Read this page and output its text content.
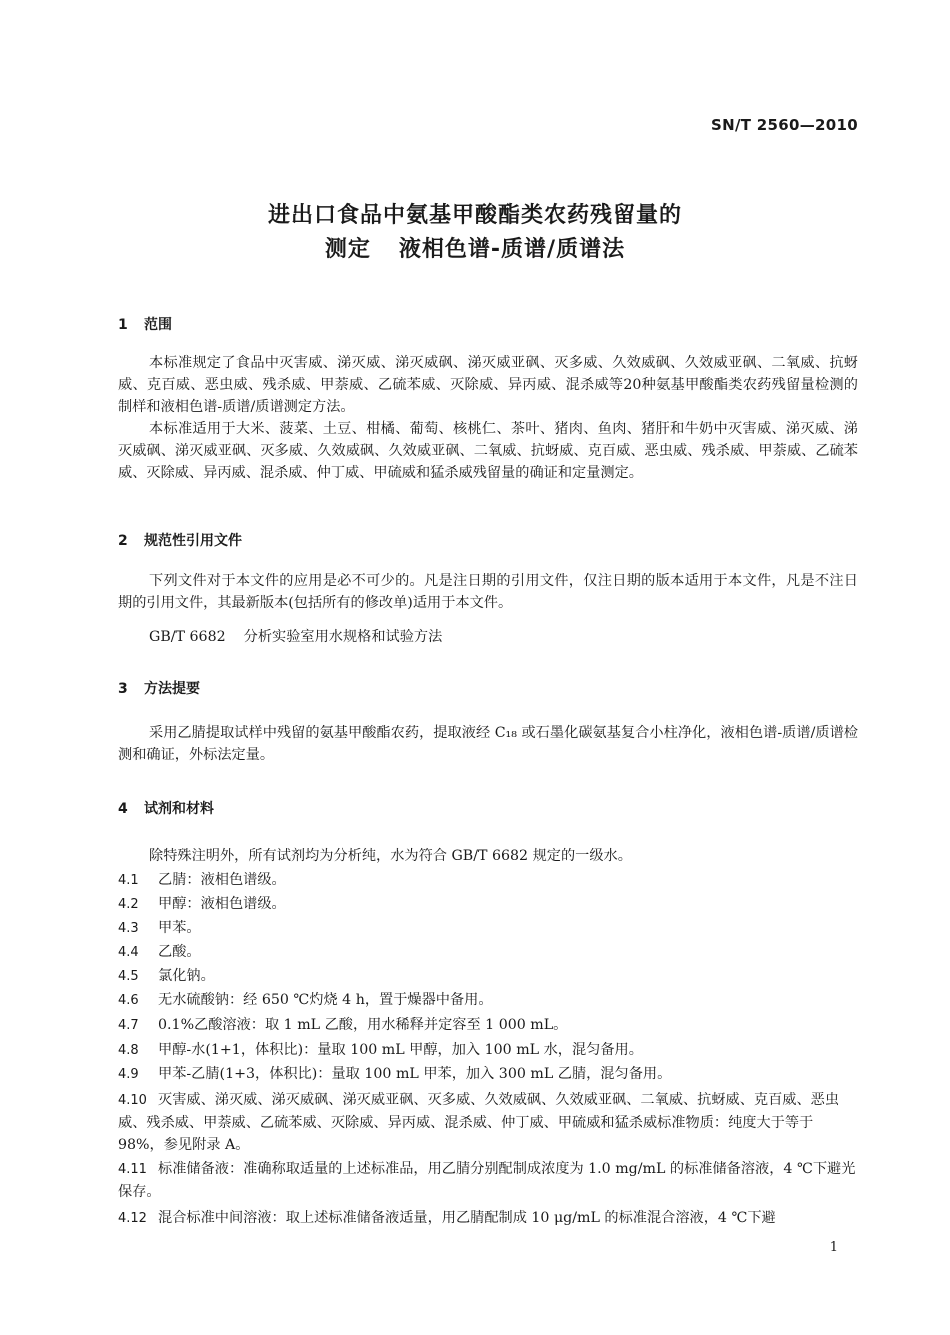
SN/T 2560—2010
进出口食品中氨基甲酸酯类农药残留量的
测定 液相色谱-质谱/质谱法
1 范围
本标准规定了食品中灭害威、涕灭威、涕灭威砜、涕灭威亚砜、灭多威、久效威砜、久效威亚砜、二氧威、抗蚜威、克百威、恶虫威、残杀威、甲萘威、乙硫苯威、灭除威、异丙威、混杀威等20种氨基甲酸酯类农药残留量检测的制样和液相色谱-质谱/质谱测定方法。
本标准适用于大米、菠菜、土豆、柑橘、葡萄、核桃仁、茶叶、猪肉、鱼肉、猪肝和牛奶中灭害威、涕灭威、涕灭威砜、涕灭威亚砜、灭多威、久效威砜、久效威亚砜、二氧威、抗蚜威、克百威、恶虫威、残杀威、甲萘威、乙硫苯威、灭除威、异丙威、混杀威、仲丁威、甲硫威和猛杀威残留量的确证和定量测定。
2 规范性引用文件
下列文件对于本文件的应用是必不可少的。凡是注日期的引用文件，仅注日期的版本适用于本文件，凡是不注日期的引用文件，其最新版本(包括所有的修改单)适用于本文件。
GB/T 6682 分析实验室用水规格和试验方法
3 方法提要
采用乙腈提取试样中残留的氨基甲酸酯农药，提取液经 C₁₈ 或石墨化碳氨基复合小柱净化，液相色谱-质谱/质谱检测和确证，外标法定量。
4 试剂和材料
除特殊注明外，所有试剂均为分析纯，水为符合 GB/T 6682 规定的一级水。
4.1 乙腈：液相色谱级。
4.2 甲醇：液相色谱级。
4.3 甲苯。
4.4 乙酸。
4.5 氯化钠。
4.6 无水硫酸钠：经 650 ℃灼烧 4 h，置于燥器中备用。
4.7 0.1%乙酸溶液：取 1 mL 乙酸，用水稀释并定容至 1 000 mL。
4.8 甲醇-水(1+1，体积比)：量取 100 mL 甲醇，加入 100 mL 水，混匀备用。
4.9 甲苯-乙腈(1+3，体积比)：量取 100 mL 甲苯，加入 300 mL 乙腈，混匀备用。
4.10 灭害威、涕灭威、涕灭威砜、涕灭威亚砜、灭多威、久效威砜、久效威亚砜、二氧威、抗蚜威、克百威、恶虫威、残杀威、甲萘威、乙硫苯威、灭除威、异丙威、混杀威、仲丁威、甲硫威和猛杀威标准物质：纯度大于等于 98%，参见附录 A。
4.11 标准储备液：准确称取适量的上述标准品，用乙腈分别配制成浓度为 1.0 mg/mL 的标准储备溶液，4 ℃下避光保存。
4.12 混合标准中间溶液：取上述标准储备液适量，用乙腈配制成 10 μg/mL 的标准混合溶液，4 ℃下避
1
